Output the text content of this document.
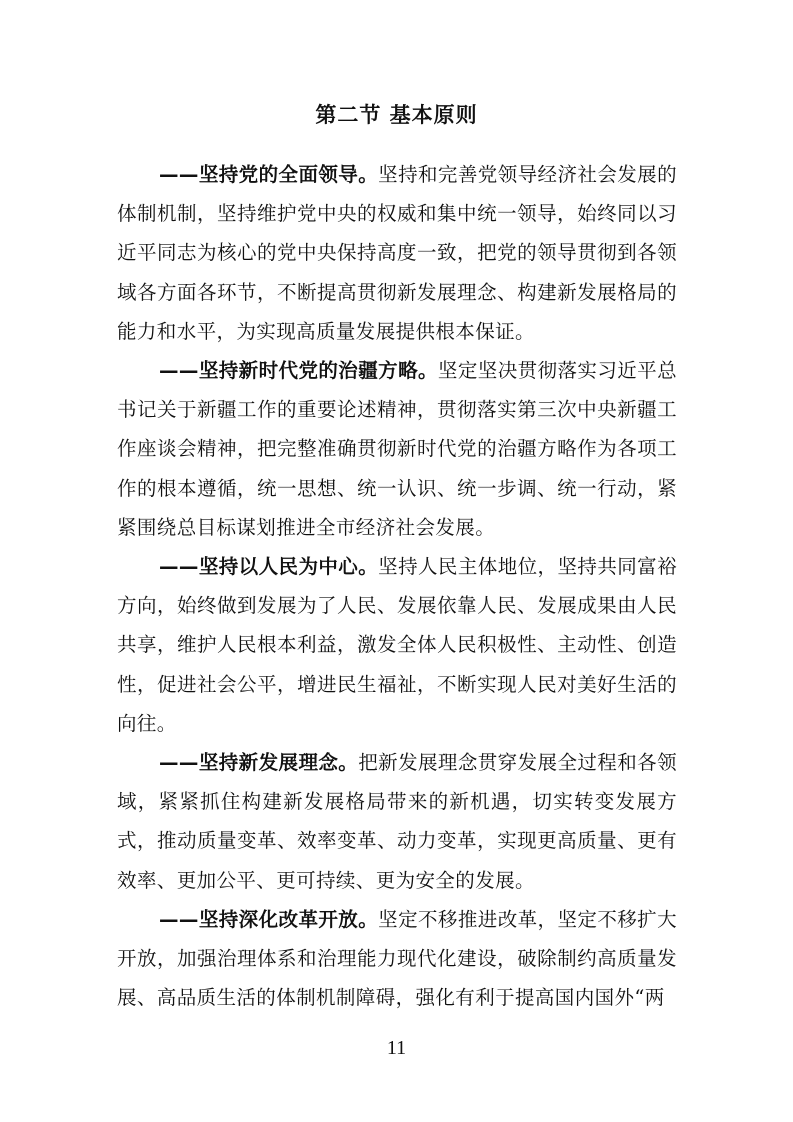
第二节 基本原则

——坚持党的全面领导。坚持和完善党领导经济社会发展的体制机制，坚持维护党中央的权威和集中统一领导，始终同以习近平同志为核心的党中央保持高度一致，把党的领导贯彻到各领域各方面各环节，不断提高贯彻新发展理念、构建新发展格局的能力和水平，为实现高质量发展提供根本保证。

——坚持新时代党的治疆方略。坚定坚决贯彻落实习近平总书记关于新疆工作的重要论述精神，贯彻落实第三次中央新疆工作座谈会精神，把完整准确贯彻新时代党的治疆方略作为各项工作的根本遵循，统一思想、统一认识、统一步调、统一行动，紧紧围绕总目标谋划推进全市经济社会发展。

——坚持以人民为中心。坚持人民主体地位，坚持共同富裕方向，始终做到发展为了人民、发展依靠人民、发展成果由人民共享，维护人民根本利益，激发全体人民积极性、主动性、创造性，促进社会公平，增进民生福祉，不断实现人民对美好生活的向往。

——坚持新发展理念。把新发展理念贯穿发展全过程和各领域，紧紧抓住构建新发展格局带来的新机遇，切实转变发展方式，推动质量变革、效率变革、动力变革，实现更高质量、更有效率、更加公平、更可持续、更为安全的发展。

——坚持深化改革开放。坚定不移推进改革，坚定不移扩大开放，加强治理体系和治理能力现代化建设，破除制约高质量发展、高品质生活的体制机制障碍，强化有利于提高国内国外“两

11
